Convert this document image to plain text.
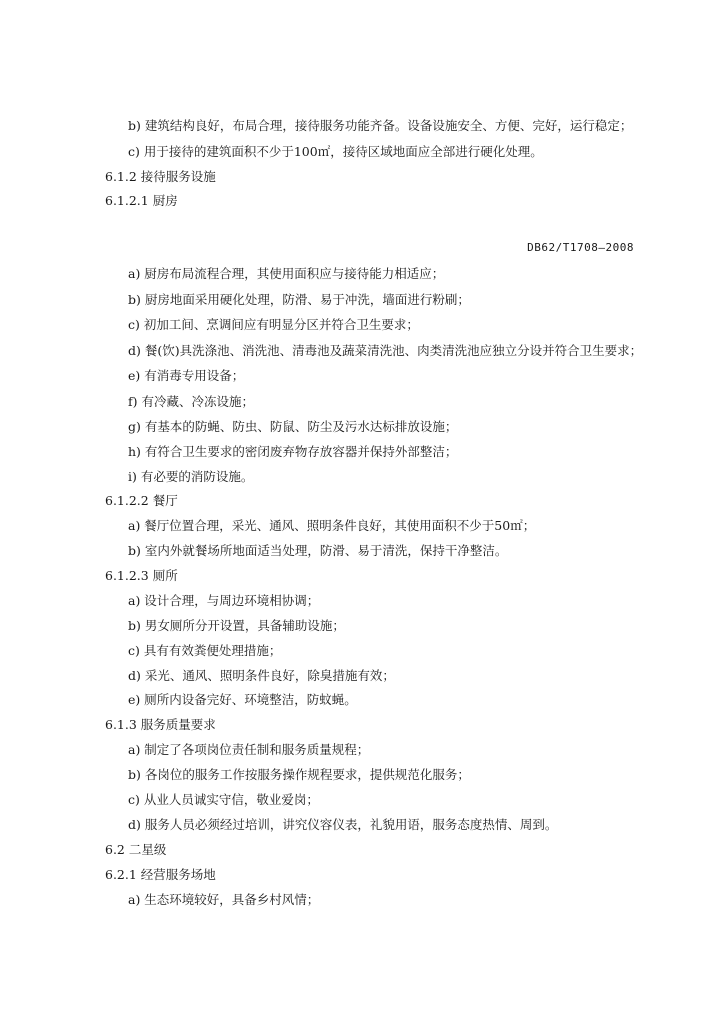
b) 建筑结构良好，布局合理，接待服务功能齐备。设备设施安全、方便、完好，运行稳定；
c) 用于接待的建筑面积不少于100㎡，接待区域地面应全部进行硬化处理。
6.1.2 接待服务设施
6.1.2.1 厨房
DB62/T1708—2008
a) 厨房布局流程合理，其使用面积应与接待能力相适应；
b) 厨房地面采用硬化处理，防滑、易于冲洗，墙面进行粉刷；
c) 初加工间、烹调间应有明显分区并符合卫生要求；
d) 餐(饮)具洗涤池、消洗池、清毒池及蔬菜清洗池、肉类清洗池应独立分设并符合卫生要求；
e) 有消毒专用设备；
f) 有冷藏、冷冻设施；
g) 有基本的防蝇、防虫、防鼠、防尘及污水达标排放设施；
h) 有符合卫生要求的密闭废弃物存放容器并保持外部整洁；
i) 有必要的消防设施。
6.1.2.2 餐厅
a) 餐厅位置合理，采光、通风、照明条件良好，其使用面积不少于50㎡；
b) 室内外就餐场所地面适当处理，防滑、易于清洗，保持干净整洁。
6.1.2.3 厕所
a) 设计合理，与周边环境相协调；
b) 男女厕所分开设置，具备辅助设施；
c) 具有有效粪便处理措施；
d) 采光、通风、照明条件良好，除臭措施有效；
e) 厕所内设备完好、环境整洁，防蚊蝇。
6.1.3 服务质量要求
a) 制定了各项岗位责任制和服务质量规程；
b) 各岗位的服务工作按服务操作规程要求，提供规范化服务；
c) 从业人员诚实守信，敬业爱岗；
d) 服务人员必须经过培训，讲究仪容仪表，礼貌用语，服务态度热情、周到。
6.2 二星级
6.2.1 经营服务场地
a) 生态环境较好，具备乡村风情；
